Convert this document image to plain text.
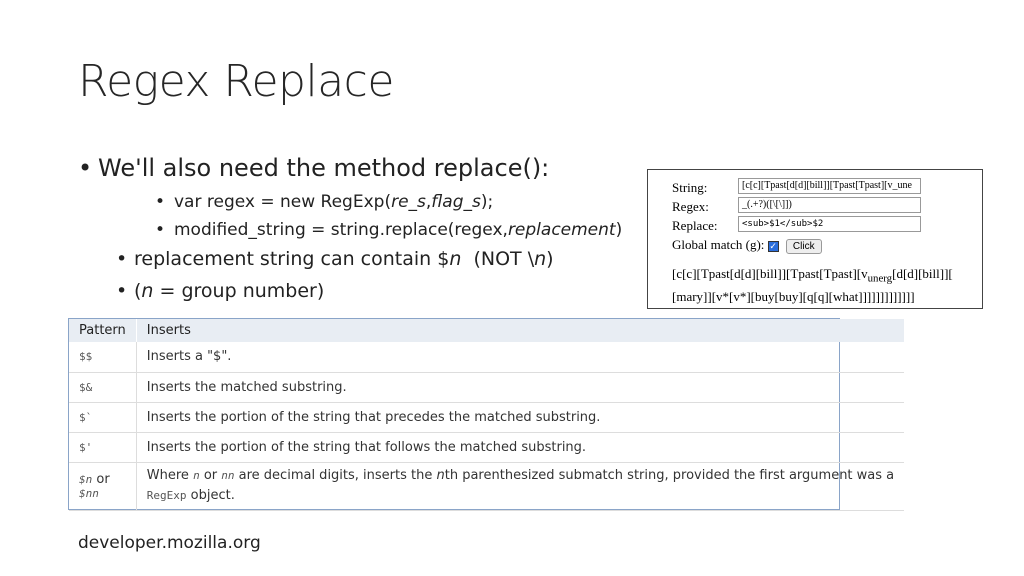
Regex Replace
• We'll also need the method replace():
• var regex = new RegExp(re_s,flag_s);
• modified_string = string.replace(regex,replacement)
• replacement string can contain $n  (NOT \n)
• (n = group number)
String:	[c[c][Tpast[d[d][bill]][Tpast[Tpast][v_une
Regex:	_(.+?)([\[\]])
Replace:	<sub>$1</sub>$2
Global match (g): ✓ Click
[$c[c][Tpast[d[d][bill]][Tpast[Tpast][v_{unerg}[d[d][bill]]$[
[mary]][v*[v*][buy[buy][q[q][what]]]]]]]]]]]]]
Pattern	Inserts
$$	Inserts a "$".
$&	Inserts the matched substring.
$`	Inserts the portion of the string that precedes the matched substring.
$'	Inserts the portion of the string that follows the matched substring.
$n or $nn	Where n or nn are decimal digits, inserts the nth parenthesized submatch string, provided the first argument was a
RegExp object.
developer.mozilla.org
